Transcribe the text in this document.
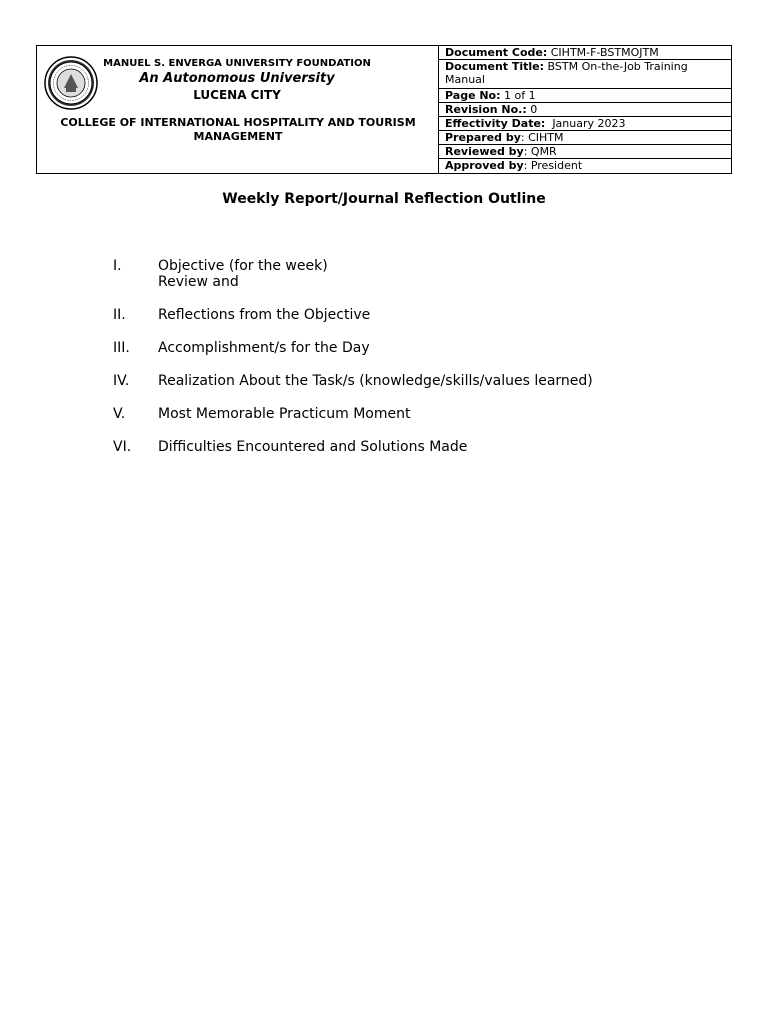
MANUEL S. ENVERGA UNIVERSITY FOUNDATION
An Autonomous University
LUCENA CITY
COLLEGE OF INTERNATIONAL HOSPITALITY AND TOURISM MANAGEMENT
Document Code: CIHTM-F-BSTMOJTM
Document Title: BSTM On-the-Job Training Manual
Page No: 1 of 1
Revision No.: 0
Effectivity Date: January 2023
Prepared by: CIHTM
Reviewed by: QMR
Approved by: President
Weekly Report/Journal Reflection Outline
I.	Objective (for the week)
Review and
II.	Reflections from the Objective
III.	Accomplishment/s for the Day
IV.	Realization About the Task/s (knowledge/skills/values learned)
V.	Most Memorable Practicum Moment
VI.	Difficulties Encountered and Solutions Made
